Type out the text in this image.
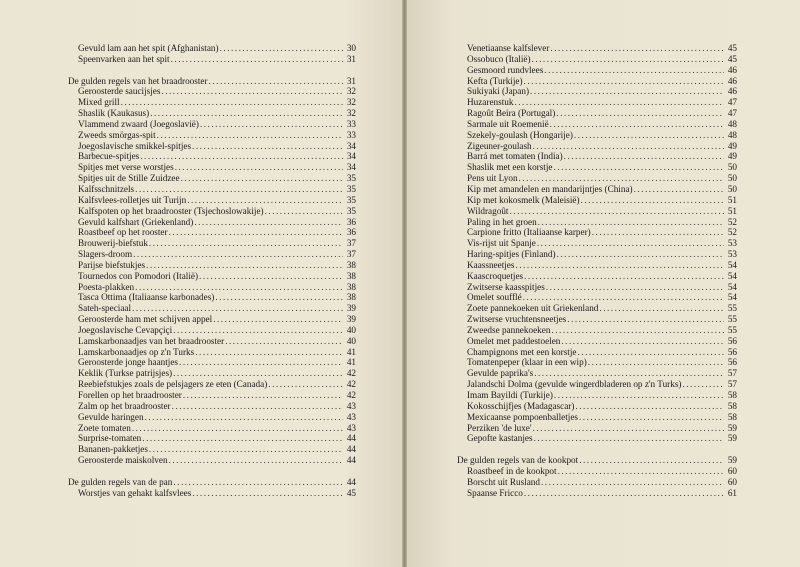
Gevuld lam aan het spit (Afghanistan) .....	30
Speenvarken aan het spit .....	31
De gulden regels van het braadrooster .....	31
Geroosterde saucijsjes .....	32
Mixed grill .....	32
Shaslik (Kaukasus) .....	32
Vlammend zwaard (Joegoslavië) .....	33
Zweeds smörgas-spit .....	33
Joegoslavische smikkel-spitjes .....	34
Barbecue-spitjes .....	34
Spitjes met verse worstjes .....	34
Spitjes uit de Stille Zuidzee .....	35
Kalfsschnitzels .....	35
Kalfsvlees-rolletjes uit Turijn .....	35
Kalfspoten op het braadrooster (Tsjechoslowakije) .....	35
Gevuld kalfshart (Griekenland) .....	36
Roastbeef op het rooster .....	36
Brouwerij-biefstuk .....	37
Slagers-droom .....	37
Parijse biefstukjes .....	38
Tournedos con Pomodori (Italië) .....	38
Poesta-plakken .....	38
Tasca Ottima (Italiaanse karbonades) .....	38
Sateh-speciaal .....	39
Geroosterde ham met schijven appel .....	39
Joegoslavische Cevapçiçi .....	40
Lamskarbonaadjes van het braadrooster .....	40
Lamskarbonaadjes op z'n Turks .....	41
Geroosterde jonge haantjes .....	41
Keklik (Turkse patrijsjes) .....	42
Reebiefstukjes zoals de pelsjagers ze eten (Canada) .....	42
Forellen op het braadrooster .....	42
Zalm op het braadrooster .....	43
Gevulde haringen .....	43
Zoete tomaten .....	43
Surprise-tomaten .....	44
Bananen-pakketjes .....	44
Geroosterde maiskolven .....	44
De gulden regels van de pan .....	44
Worstjes van gehakt kalfsvlees .....	45
Venetiaanse kalfslever .....	45
Ossobuco (Italië) .....	45
Gesmoord rundvlees .....	46
Kefta (Turkije) .....	46
Sukiyaki (Japan) .....	46
Huzarenstuk .....	47
Ragoût Beira (Portugal) .....	47
Sarmale uit Roemenië .....	48
Szekely-goulash (Hongarije) .....	48
Zigeuner-goulash .....	49
Barrá met tomaten (India) .....	49
Shaslik met een korstje .....	50
Pens uit Lyon .....	50
Kip met amandelen en mandarijntjes (China) .....	50
Kip met kokosmelk (Maleisië) .....	51
Wildragoût .....	51
Paling in het groen .....	52
Carpione fritto (Italiaanse karper) .....	52
Vis-rijst uit Spanje .....	53
Haring-spitjes (Finland) .....	53
Kaassneetjes .....	54
Kaascroquetjes .....	54
Zwitserse kaasspitjes .....	54
Omelet soufflé .....	54
Zoete pannekoeken uit Griekenland .....	55
Zwitserse vruchtensneetjes .....	55
Zweedse pannekoeken .....	55
Omelet met paddestoelen .....	56
Champignons met een korstje .....	56
Tomatenpeper (klaar in een wip) .....	56
Gevulde paprika's .....	57
Jalandschi Dolma (gevulde wingerdbladeren op z'n Turks) .....	57
Imam Bayildi (Turkije) .....	58
Kokosschijfjes (Madagascar) .....	58
Mexicaanse pompoenballetjes .....	58
Perziken 'de luxe' .....	59
Gepofte kastanjes .....	59
De gulden regels van de kookpot .....	59
Roastbeef in de kookpot .....	60
Borscht uit Rusland .....	60
Spaanse Fricco .....	61
